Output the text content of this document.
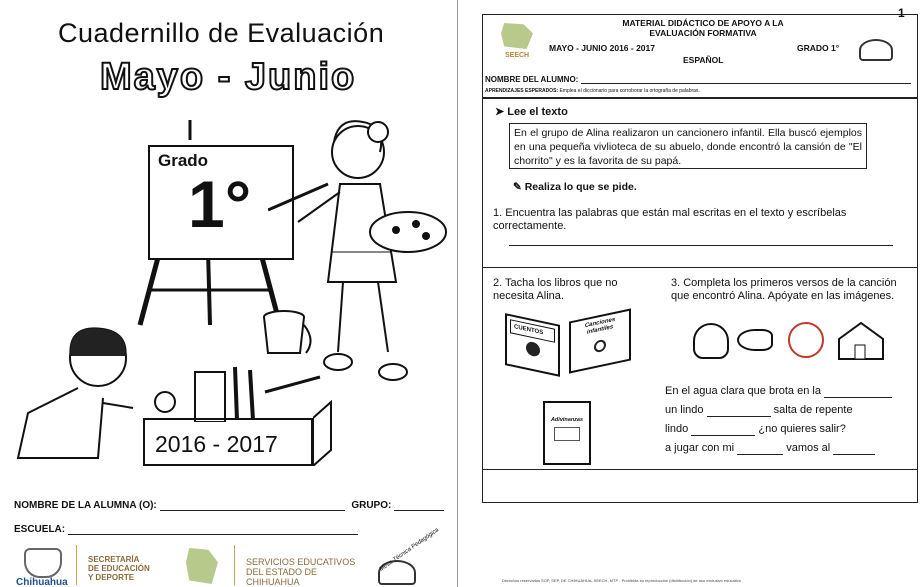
Cuadernillo de Evaluación
Mayo - Junio
Grado
1°
2016 - 2017
NOMBRE DE LA ALUMNA (O):	GRUPO:
ESCUELA:
Chihuahua
SECRETARÍA
DE EDUCACIÓN
Y DEPORTE
SERVICIOS EDUCATIVOS
DEL ESTADO DE
CHIHUAHUA
Mesa Técnica Pedagógica
1
SEECH
MATERIAL DIDÁCTICO DE APOYO A LA
EVALUACIÓN FORMATIVA
MAYO - JUNIO 2016 - 2017	GRADO 1°
ESPAÑOL
NOMBRE DEL ALUMNO:
APRENDIZAJES ESPERADOS: Emplea el diccionario para corroborar la ortografía de palabras.
➤ Lee el texto
En el grupo de Alina realizaron un cancionero infantil. Ella buscó ejemplos en una pequeña vivlioteca de su abuelo, donde encontró la cansión de "El chorrito" y es la favorita de su papá.
✎ Realiza lo que se pide.
1. Encuentra las palabras que están mal escritas en el texto y escríbelas correctamente.
2. Tacha los libros que no necesita Alina.
3. Completa los primeros versos de la canción que encontró Alina. Apóyate en las imágenes.
CUENTOS
Canciones infantiles
Adivinanzas
En el agua clara que brota en la
un lindo	salta de repente
lindo	¿no quieres salir?
a jugar con mi	vamos al
Derechos reservados SOP, SEP, DE CHIHUAHUA, SEECH, MTP - Prohibida su reproducción (distribución) de uso exclusivo educativo
